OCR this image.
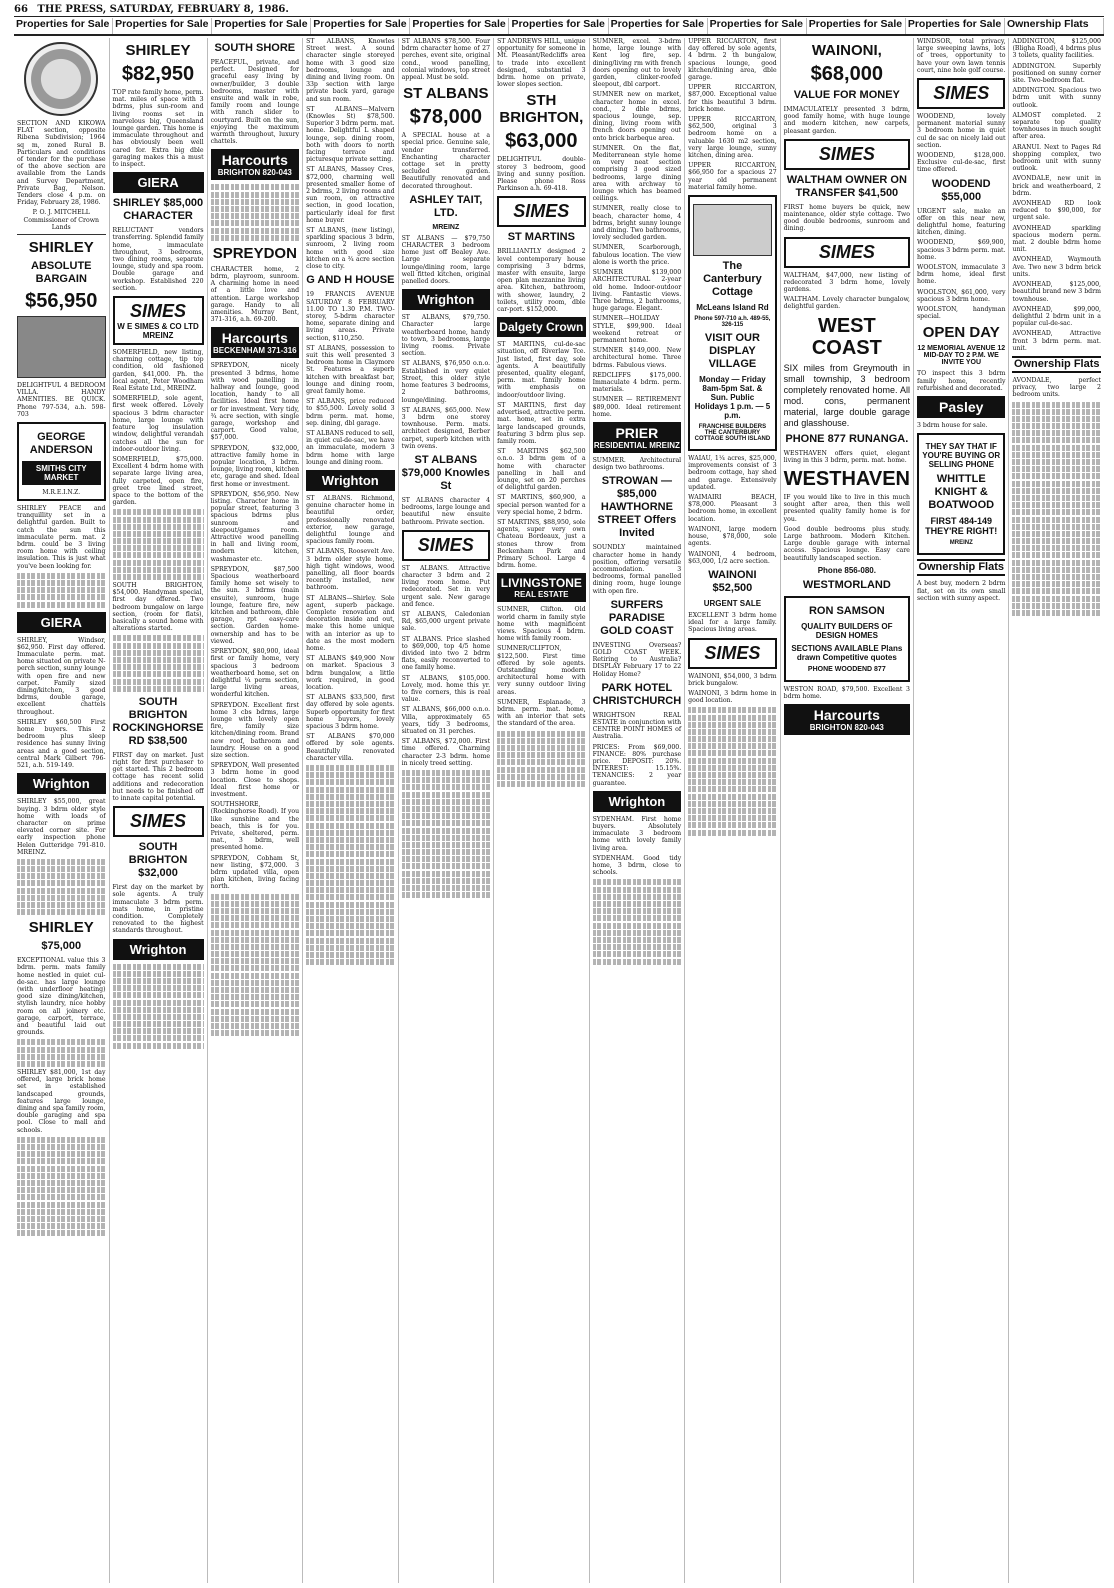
66 THE PRESS, SATURDAY, FEBRUARY 8, 1986.
Properties for Sale Properties for Sale Properties for Sale Properties for Sale Properties for Sale Properties for Sale Properties for Sale Properties for Sale Properties for Sale Properties for Sale Ownership Flats

SECTION AND KIKOWA FLAT section, opposite Ribena Subdivision; 1964 sq m, zoned Rural B. Particulars and conditions of tender for the purchase of the above section are available from the Lands and Survey Department, Private Bag, Nelson. Tenders close 4 p.m. on Friday, February 28, 1986.

P. O. J. MITCHELL Commissioner of Crown Lands

SHIRLEY
ABSOLUTE BARGAIN
$56,950

DELIGHTFUL 4 BEDROOM VILLA. HANDY AMENITIES. BE QUICK. Phone 797-534, a.h. 598-703

GEORGE ANDERSON
SMITHS CITY MARKET
M.R.E.I.N.Z.

SHIRLEY PEACE and tranquillity set in a delightful garden. Built to catch the sun this immaculate perm. mat. 2 bdrm. could be 3 living room home with ceiling insulation. This is just what you've been looking for.

GIERA

SHIRLEY, Windsor, $62,950. First day offered. Immaculate perm. mat. home situated on private N-perch section, sunny lounge with open fire and new carpet. Family sized dining/kitchen, 3 good bdrms, double garage, excellent chattels throughout.

SHIRLEY $60,500 First home buyers. This 2 bedroom plus sleep residence has sunny living areas and a good section, central Mark Gilbert 796-521, a.h. 519-149.

Wrighton

SHIRLEY $55,000, great buying. 3 bdrm older style home with loads of character on prime elevated corner site. For early inspection phone Helen Gutteridge 791-810. MREINZ.

SHIRLEY
$75,000

EXCEPTIONAL value this 3 bdrm. perm. mats family home nestled in quiet cul-de-sac. has large lounge (with underfloor heating) good size dining/kitchen, stylish laundry, nice hobby room on all joinery etc. garage, carport, terrace, and beautiful laid out grounds.

SHIRLEY $81,000, 1st day offered, large brick home set in established landscaped grounds, features large lounge, dining and spa family room, double garaging and spa pool. Close to mall and schools.

SHIRLEY
$82,950

TOP rate family home, perm. mat. miles of space with 3 bdrms, plus sun-room and living rooms set in marvelous big, Queensland lounge garden. This home is immaculate throughout and has obviously been well cared for. Extra big dble garaging makes this a must to inspect.

GIERA
SHIRLEY $85,000 CHARACTER

RELUCTANT vendors transferring. Splendid family home, immaculate throughout, 3 bedrooms, two dining rooms, separate lounge, study and spa room. Double garage and workshop. Established 220 section.

SIMES
W E SIMES & CO LTD MREINZ

SOMERFIELD, new listing, charming cottage, tip top condition, old fashioned garden, $41,000. Ph. the local agent, Peter Woodham Real Estate Ltd., MREINZ.

SOMERFIELD, sole agent, first week offered. Lovely spacious 3 bdrm character home, large lounge with feature log insulation window, delightful verandah catches all the sun for indoor-outdoor living.

SOMERFIELD, $75,000. Excellent 4 bdrm home with separate large living area, fully carpeted, open fire, greet tree lined street, space to the bottom of the garden.

SOUTH BRIGHTON, $54,000. Handyman special, first day offered. Two bedroom bungalow on large section, (room for flats), basically a sound home with alterations started.

SOUTH BRIGHTON ROCKINGHORSE RD $38,500

FIRST day on market. Just right for first purchaser to get started. This 2 bedroom cottage has recent solid additions and redecoration but needs to be finished off to innate capital potential.

SIMES
SOUTH BRIGHTON $32,000

First day on the market by sole agents. A truly immaculate 3 bdrm perm. mats home, in pristine condition. Completely renovated to the highest standards throughout.

Wrighton
SOUTH SHORE

PEACEFUL, private, and perfect. Designed for graceful easy living by owner/builder, 3 double bedrooms, master with ensuite and walk in robe, family room and lounge with ranch slider to courtyard. Built on the sun, enjoying the maximum warmth throughout, luxury chattels.

Harcourts
BRIGHTON 820-043
SPREYDON

CHARACTER home, 2 bdrm, playroom, sunroom. A charming home in need of a little love and attention. Large workshop garage. Handy to all amenities. Murray Bent, 371-316, a.h. 69-200.

Harcourts
BECKENHAM 371-316

SPREYDON, nicely presented 3 bdrms, home with wood panelling in hallway and lounge, good location, handy to all facilities. Ideal first home or for investment. Very tidy, ¾ acre section, with single garage, workshop and carport. Good value, $57,000.

SPREYDON, $32,000, attractive family home in popular location, 3 bdrm. lounge, living room, kitchen etc, garage and shed. Ideal first home or investment.

SPREYDON, $56,950. New listing. Character home in popular street, featuring 3 spacious bdrms plus sunroom and sleepout/games room. Attractive wood panelling in hall and living room, modern kitchen, washmaster etc.

SPREYDON, $87,500 Spacious weatherboard family home set wisely to the sun. 3 bdrms (main ensuite), sunroom, huge lounge, feature fire, new kitchen and bathroom, dble garage, rpt easy-care section. Garden home-ownership and has to be viewed.

SPREYDON, $80,900, ideal first or family home, very spacious 3 bedroom weatherboard home, set on delightful ¼ perm section, large living areas, wonderful kitchen.

SPREYDON. Excellent first home 3 cbs bdrms, large lounge with lovely open fire, family size kitchen/dining room. Brand new roof, bathroom and laundry. House on a good size section.

SPREYDON, Well presented 3 bdrm home in good location. Close to shops. Ideal first home or investment.

SOUTHSHORE, (Rockinghorse Road). If you like sunshine and the beach, this is for you. Private, sheltered, perm. mat., 3 bdrm, well presented home.

SPREYDON, Cobham St, new listing, $72,000. 3 bdrm updated villa, open plan kitchen, living facing north.

ST ALBANS, Knowles Street west. A sound character single storeyed home with 3 good size bedrooms, lounge and dining and living room. On 33p section with large private back yard, garage and sun room.

ST ALBANS—Malvern (Knowles St) $78,500. Superior 3 bdrm perm. mat. home. Delightful L shaped lounge, sep. dining room, both with doors to north facing terrace and picturesque private setting.

ST ALBANS, Massey Cres, $72,000, charming well presented smaller home of 2 bdrms, 2 living rooms and sun room, on attractive section, in good location, particularly ideal for first home buyer.

ST ALBANS, (new listing), sparkling spacious 3 bdrm, sunroom, 2 living room home with good size kitchen on a ¾ acre section close to city.

G AND H HOUSE

19 FRANCIS AVENUE SATURDAY 8 FEBRUARY 11.00 TO 1.30 P.M. TWO-storey, 5-bdrm character home, separate dining and living areas. Private section, $110,250.

ST ALBANS, possession to suit this well presented 3 bedroom home in Claymore St. Features a superb kitchen with breakfast bar, lounge and dining room, great family home.

ST ALBANS, price reduced to $55,500. Lovely solid 3 bdrm perm. mat. home, sep. dining, dbl garage.

ST ALBANS reduced to sell, in quiet cul-de-sac, we have an immaculate, modern 3 bdrm home with large lounge and dining room.

Wrighton

ST ALBANS. Richmond, genuine character home in beautiful order, professionally renovated exterior, new garage, delightful lounge and spacious family room.

ST ALBANS, Roosevelt Ave. 3 bdrm older style home, high tight windows, wood panelling, all floor boards recently installed, new bathroom.

ST ALBANS—Shirley. Sole agent, superb package. Complete renovation and decoration inside and out, make this home unique with an interior as up to date as the most modern home.

ST ALBANS $49,900 Now on market. Spacious 3 bdrm bungalow, a little work required, in good location.

ST ALBANS $33,500, first day offered by sole agents. Superb opportunity for first home buyers, lovely spacious 3 bdrm home.

ST ALBANS $70,000 offered by sole agents. Beautifully renovated character villa.

ST ALBANS $78,500. Four bdrm character home of 27 perches, event site, original cond., wood panelling, colonial windows, top street appeal. Must be sold.

ST ALBANS
$78,000

A SPECIAL house at a special price. Genuine sale, vendor transferred. Enchanting character cottage set in pretty secluded garden. Beautifully renovated and decorated throughout.

ASHLEY TAIT, LTD.
MREINZ

ST ALBANS — $79,750 CHARACTER 3 bedroom home just off Bealey Ave. Large separate lounge/dining room, large well fitted kitchen, original panelled doors.

Wrighton

ST ALBANS, $79,750. Character large weatherboard home, handy to town, 3 bedrooms, large living rooms. Private section.

ST ALBANS, $76,950 o.n.o. Established in very quiet Street, this older style home features 3 bedrooms, 2 bathrooms, lounge/dining.

ST ALBANS, $65,000. New 3 bdrm one storey townhouse. Perm. mats. architect designed, Berber carpet, superb kitchen with twin ovens.

ST ALBANS $79,000 Knowles St

ST ALBANS character 4 bedrooms, large lounge and beautiful new ensuite bathroom. Private section.

SIMES

ST ALBANS. Attractive character 3 bdrm and 2 living room home. Put redecorated. Set in very urgent sale. New garage and fence.

ST ALBANS, Caledonian Rd, $65,000 urgent private sale.

ST ALBANS. Price slashed to $69,000, top 4/5 home divided into two 2 bdrm flats, easily reconverted to one family home.

ST ALBANS, $105,000. Lovely, mod. home this yr. to five corners, this is real value.

ST ALBANS, $66,000 o.n.o. Villa, approximately 65 years, tidy 3 bedrooms, situated on 31 perches.

ST ALBANS, $72,000. First time offered. Charming character 2-3 bdrm. home in nicely treed setting.

ST ANDREWS HILL, unique opportunity for someone in Mt. Pleasant/Redcliffs area to trade into excellent designed, substantial 3 bdrm. home on private, lower slopes section.

STH BRIGHTON,
$63,000

DELIGHTFUL double-storey 3 bedroom, good living and sunny position. Please phone Ross Parkinson a.h. 69-418.

SIMES
ST MARTINS

BRILLIANTLY designed 2 level contemporary house comprising 3 bdrms, master with ensuite, large open plan mezzanine living area. Kitchen, bathroom, with shower, laundry, 2 toilets, utility room, dble car-port. $152,000.

Dalgety Crown

ST MARTINS, cul-de-sac situation, off Riverlaw Tce. Just listed, first day, sole agents. A beautifully presented, quality elegant, perm. mat. family home with emphasis on indoor/outdoor living.

ST MARTINS, first day advertised, attractive perm. mat. home, set in extra large landscaped grounds, featuring 3 bdrm plus sep. family room.

ST MARTINS $62,500 o.n.o. 3 bdrm gem of a home with character panelling in hall and lounge, set on 20 perches of delightful garden.

ST MARTINS, $60,900, a special person wanted for a very special home, 2 bdrm.

ST MARTINS, $88,950, sole agents, super very own Chateau Bordeaux, just a stones throw from Beckenham Park and Primary School. Large 4 bdrm. home.

LIVINGSTONE
REAL ESTATE

SUMNER, Clifton. Old world charm in family style home with magnificent views. Spacious 4 bdrm. home with family room.

SUMNER/CLIFTON, $122,500. First time offered by sole agents. Outstanding modern architectural home with very sunny outdoor living areas.

SUMNER, Esplanade, 3 bdrm. perm. mat. home, with an interior that sets the standard of the area.

SUMNER, excel. 3-bdrm home, large lounge with Kent log fire, sep. dining/living rm with french doors opening out to lovely garden, clinker-roofed sleepout, dbl carport.

SUMNER new on market, character home in excel. cond., 2 dble bdrms, spacious lounge, sep. dining, living room with french doors opening out onto brick barbeque area.

SUMNER. On the flat, Mediterranean style home on very neat section comprising 3 good sized bedrooms, large dining area with archway to lounge which has beamed ceilings.

SUMNER, really close to beach, character home, 4 bdrms, bright sunny lounge and dining. Two bathrooms, lovely secluded garden.

SUMNER, Scarborough, fabulous location. The view alone is worth the price.

SUMNER $139,000 ARCHITECTURAL 2-year old home. Indoor-outdoor living. Fantastic views. Three bdrms, 2 bathrooms, huge garage. Elegant.

SUMNER—HOLIDAY STYLE, $99,900. Ideal weekend retreat or permanent home.

SUMNER $149,000. New architectural home. Three bdrms. Fabulous views.

REDCLIFFS $175,000. Immaculate 4 bdrm. perm. materials.

SUMNER — RETIREMENT $89,000. Ideal retirement home.

PRIER
RESIDENTIAL MREINZ

SUMMER. Architectural design two bathrooms.

STROWAN — $85,000 HAWTHORNE STREET Offers Invited

SOUNDLY maintained character home in handy position, offering versatile accommodation. 3 bedrooms, formal panelled dining room, huge lounge with open fire.

SURFERS PARADISE GOLD COAST

INVESTING Overseas? GOLD COAST WEEK. Retiring to Australia? DISPLAY February 17 to 22 Holiday Home?

PARK HOTEL CHRISTCHURCH

WRIGHTSON REAL ESTATE in conjunction with CENTRE POINT HOMES of Australia.

PRICES: From $69,000. FINANCE: 80% purchase price. DEPOSIT: 20%. INTEREST: 15.15%. TENANCIES: 2 year guarantee.

Wrighton

SYDENHAM. First home buyers. Absolutely immaculate 3 bedroom home with lovely family living area.

SYDENHAM. Good tidy home, 3 bdrm, close to schools.

UPPER RICCARTON, first day offered by sole agents, 4 bdrm. 2 th bungalow, spacious lounge, good kitchen/dining area, dble garage.

UPPER RICCARTON, $87,000. Exceptional value for this beautiful 3 bdrm. brick home.

UPPER RICCARTON, $62,500, original 3 bedroom home on a valuable 1630 m2 section, very large lounge, sunny kitchen, dining area.

UPPER RICCARTON, $66,950 for a spacious 27 year old permanent material family home.

The Canterbury Cottage
McLeans Island Rd
Phone 597-710 a.h. 489-55, 326-115
VISIT OUR DISPLAY VILLAGE
Monday — Friday 8am-5pm Sat. & Sun. Public Holidays 1 p.m. — 5 p.m.
FRANCHISE BUILDERS THE CANTERBURY COTTAGE SOUTH ISLAND

WAIAU, 1¼ acres, $25,000, improvements consist of 3 bedroom cottage, hay shed and garage. Extensively updated.

WAIMAIRI BEACH, $78,000. Pleasant 3 bedroom home, in excellent location.

WAINONI, large modern house, $78,000, sole agents.

WAINONI, 4 bedroom, $63,000, 1/2 acre section.

WAINONI $52,500
URGENT SALE

EXCELLENT 3 bdrm home ideal for a large family. Spacious living areas.

SIMES

WAINONI, $54,000, 3 bdrm brick bungalow.

WAINONI, 3 bdrm home in good location.

WAINONI,
$68,000
VALUE FOR MONEY

IMMACULATELY presented 3 bdrm, good family home, with huge lounge and modern kitchen, new carpets, pleasant garden.

SIMES
WALTHAM OWNER ON TRANSFER $41,500

FIRST home buyers be quick, new maintenance, older style cottage. Two good double bedrooms, sunroom and dining.

SIMES

WALTHAM, $47,000, new listing of redecorated 3 bdrm home, lovely gardens.

WALTHAM. Lovely character bungalow, delightful garden.

WEST COAST

SIX miles from Greymouth in small township, 3 bedroom completely renovated home. All mod. cons, permanent material, large double garage and glasshouse.

PHONE 877 RUNANGA.

WESTHAVEN offers quiet, elegant living in this 3 bdrm, perm. mat. home.

WESTHAVEN

IF you would like to live in this much sought after area, then this well presented quality family home is for you.

Good double bedrooms plus study. Large bathroom. Modern Kitchen. Large double garage with internal access. Spacious lounge. Easy care beautifully landscaped section.

Phone 856-080.
WESTMORLAND
RON SAMSON
QUALITY BUILDERS OF DESIGN HOMES
SECTIONS AVAILABLE Plans drawn Competitive quotes
PHONE WOODEND 877

WESTON ROAD, $79,500. Excellent 3 bdrm home.

Harcourts
BRIGHTON 820-043

WINDSOR, total privacy, large sweeping lawns, lots of trees, opportunity to have your own lawn tennis court, nine hole golf course.

SIMES

WOODEND, lovely permanent material sunny 3 bedroom home in quiet cul de sac on nicely laid out section.

WOODEND, $128,000. Exclusive cul-de-sac, first time offered.

WOODEND $55,000

URGENT sale, make an offer on this near new, delightful home, featuring kitchen, dining.

WOODEND, $69,900, spacious 3 bdrm perm. mat. home.

WOOLSTON, immaculate 3 bdrm home, ideal first home.

WOOLSTON, $61,000, very spacious 3 bdrm home.

WOOLSTON, handyman special.

OPEN DAY
12 MEMORIAL AVENUE 12 MID-DAY TO 2 P.M. WE INVITE YOU

TO inspect this 3 bdrm family home, recently refurbished and decorated.

Pasley

3 bdrm house for sale.

THEY SAY THAT IF YOU'RE BUYING OR SELLING PHONE
WHITTLE KNIGHT & BOATWOOD
FIRST 484-149 THEY'RE RIGHT!
MREINZ
Ownership Flats

A best buy, modern 2 bdrm flat, set on its own small section with sunny aspect.

ADDINGTON, $125,000 (Bligha Road), 4 bdrms plus 3 toilets, quality facilities.

ADDINGTON. Superbly positioned on sunny corner site. Two-bedroom flat.

ADDINGTON. Spacious two bdrm unit with sunny outlook.

ALMOST completed. 2 separate top quality townhouses in much sought after area.

ARANUI. Next to Pages Rd shopping complex, two bedroom unit with sunny outlook.

AVONDALE, new unit in brick and weatherboard, 2 bdrm.

AVONHEAD RD look reduced to $90,000, for urgent sale.

AVONHEAD sparkling spacious modern perm. mat. 2 double bdrm home unit.

AVONHEAD, Waymouth Ave. Two new 3 bdrm brick units.

AVONHEAD, $125,000, beautiful brand new 3 bdrm townhouse.

AVONHEAD, $99,000, delightful 2 bdrm unit in a popular cul-de-sac.

AVONHEAD, Attractive front 3 bdrm perm. mat. unit.

Ownership Flats

AVONDALE, perfect privacy, two large 2 bedroom units.
